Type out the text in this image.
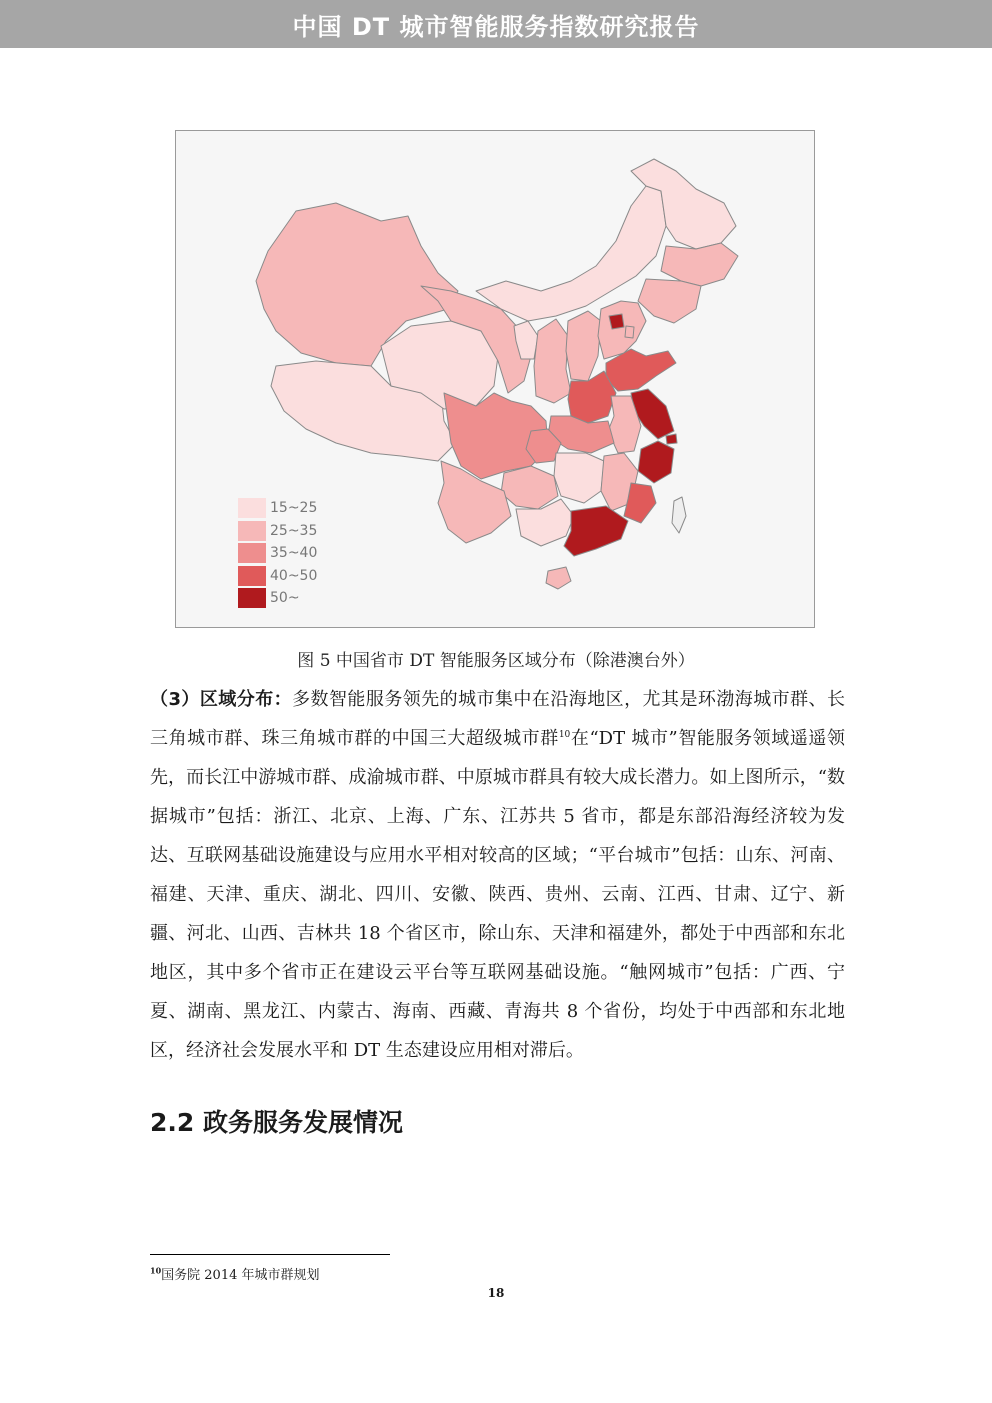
中国 DT 城市智能服务指数研究报告
15~25
25~35
35~40
40~50
50~
图 5 中国省市 DT 智能服务区域分布（除港澳台外）
（3）区域分布：多数智能服务领先的城市集中在沿海地区，尤其是环渤海城市群、长三角城市群、珠三角城市群的中国三大超级城市群$^{10}$在“DT 城市”智能服务领域遥遥领先，而长江中游城市群、成渝城市群、中原城市群具有较大成长潜力。如上图所示，“数据城市”包括：浙江、北京、上海、广东、江苏共 5 省市，都是东部沿海经济较为发达、互联网基础设施建设与应用水平相对较高的区域；“平台城市”包括：山东、河南、福建、天津、重庆、湖北、四川、安徽、陕西、贵州、云南、江西、甘肃、辽宁、新疆、河北、山西、吉林共 18 个省区市，除山东、天津和福建外，都处于中西部和东北地区，其中多个省市正在建设云平台等互联网基础设施。“触网城市”包括：广西、宁夏、湖南、黑龙江、内蒙古、海南、西藏、青海共 8 个省份，均处于中西部和东北地区，经济社会发展水平和 DT 生态建设应用相对滞后。
2.2 政务服务发展情况
$^{10}$国务院 2014 年城市群规划
18
